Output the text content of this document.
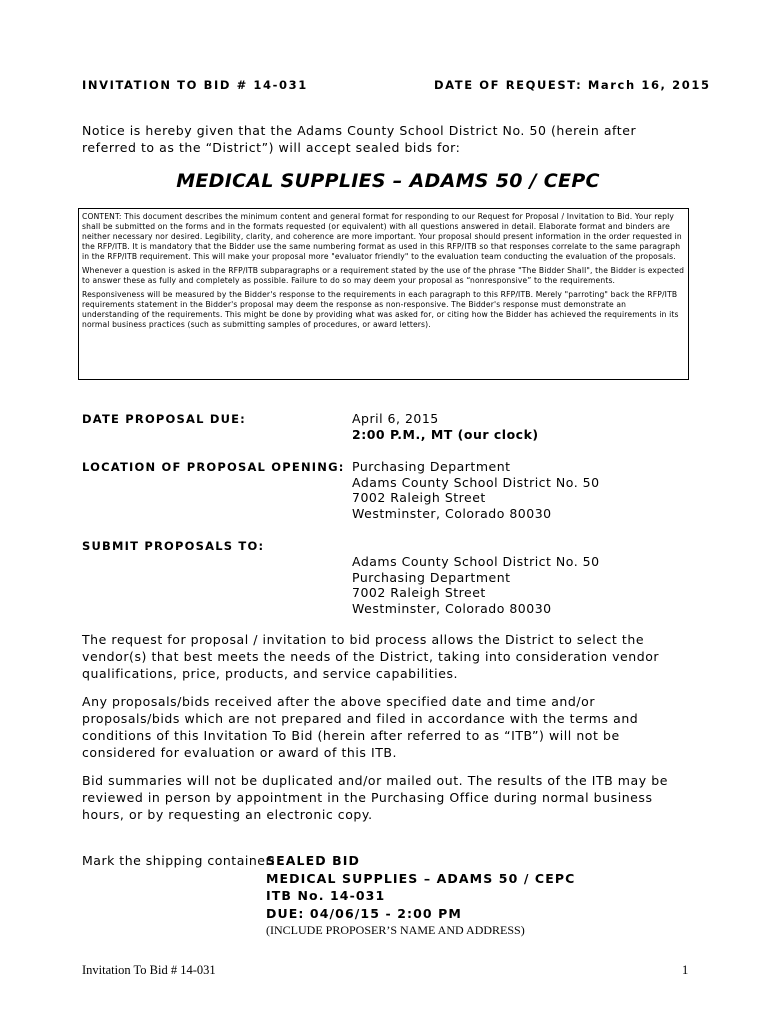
INVITATION TO BID # 14-031	DATE OF REQUEST: March 16, 2015
Notice is hereby given that the Adams County School District No. 50 (herein after referred to as the “District”) will accept sealed bids for:
MEDICAL SUPPLIES – ADAMS 50 / CEPC

CONTENT: This document describes the minimum content and general format for responding to our Request for Proposal / Invitation to Bid. Your reply shall be submitted on the forms and in the formats requested (or equivalent) with all questions answered in detail. Elaborate format and binders are neither necessary nor desired. Legibility, clarity, and coherence are more important. Your proposal should present information in the order requested in the RFP/ITB. It is mandatory that the Bidder use the same numbering format as used in this RFP/ITB so that responses correlate to the same paragraph in the RFP/ITB requirement. This will make your proposal more "evaluator friendly" to the evaluation team conducting the evaluation of the proposals.

Whenever a question is asked in the RFP/ITB subparagraphs or a requirement stated by the use of the phrase "The Bidder Shall", the Bidder is expected to answer these as fully and completely as possible. Failure to do so may deem your proposal as “nonresponsive” to the requirements.

Responsiveness will be measured by the Bidder's response to the requirements in each paragraph to this RFP/ITB. Merely "parroting" back the RFP/ITB requirements statement in the Bidder's proposal may deem the response as non-responsive. The Bidder's response must demonstrate an understanding of the requirements. This might be done by providing what was asked for, or citing how the Bidder has achieved the requirements in its normal business practices (such as submitting samples of procedures, or award letters).

DATE PROPOSAL DUE:	April 6, 2015
2:00 P.M., MT (our clock)
LOCATION OF PROPOSAL OPENING: Purchasing Department
Adams County School District No. 50
7002 Raleigh Street
Westminster, Colorado 80030
SUBMIT PROPOSALS TO:
Adams County School District No. 50
Purchasing Department
7002 Raleigh Street
Westminster, Colorado 80030
The request for proposal / invitation to bid process allows the District to select the vendor(s) that best meets the needs of the District, taking into consideration vendor qualifications, price, products, and service capabilities.
Any proposals/bids received after the above specified date and time and/or proposals/bids which are not prepared and filed in accordance with the terms and conditions of this Invitation To Bid (herein after referred to as “ITB”) will not be considered for evaluation or award of this ITB.
Bid summaries will not be duplicated and/or mailed out. The results of the ITB may be reviewed in person by appointment in the Purchasing Office during normal business hours, or by requesting an electronic copy.
Mark the shipping container:
SEALED BID
MEDICAL SUPPLIES – ADAMS 50 / CEPC
ITB No. 14-031
DUE: 04/06/15 - 2:00 PM
(INCLUDE PROPOSER’S NAME AND ADDRESS)
Invitation To Bid # 14-031	1
